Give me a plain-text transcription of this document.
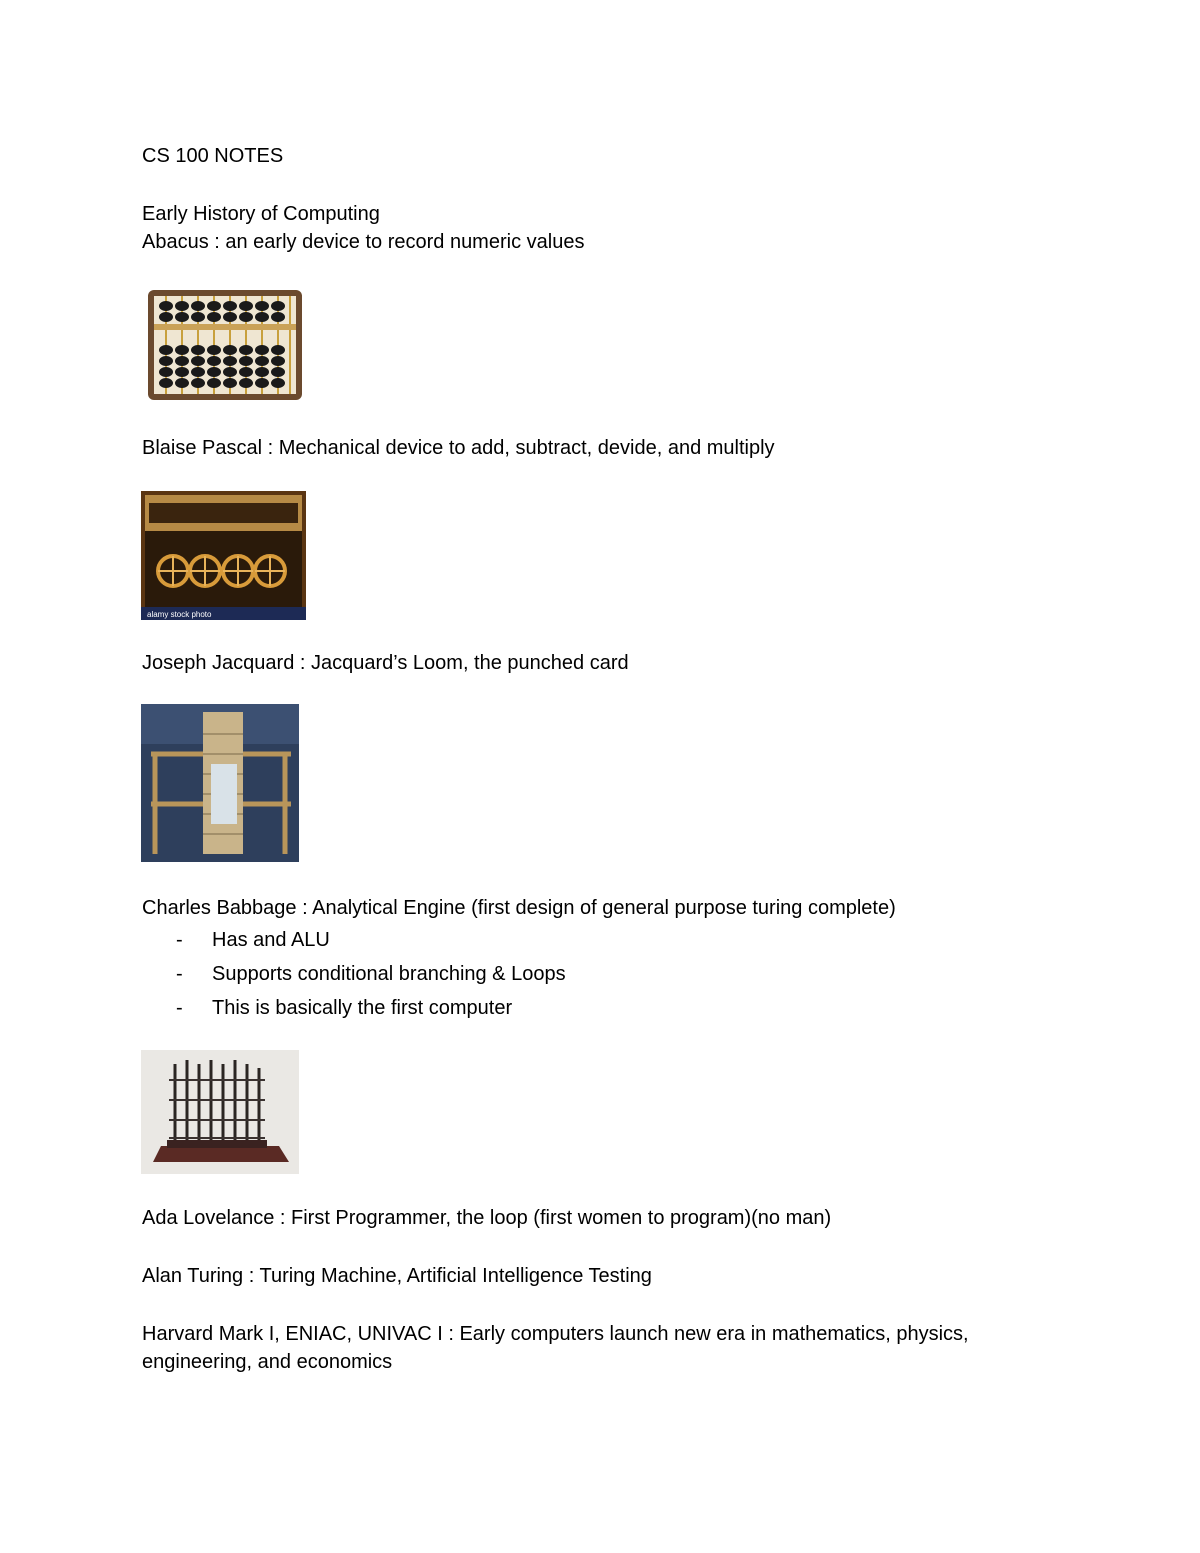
CS 100 NOTES
Early History of Computing
Abacus : an early device to record numeric values
Blaise Pascal : Mechanical device to add, subtract, devide, and multiply
alamy stock photo
Joseph Jacquard : Jacquard’s Loom, the punched card
Charles Babbage : Analytical Engine (first design of general purpose turing complete)
- Has and ALU
- Supports conditional branching & Loops
- This is basically the first computer
Ada Lovelance : First Programmer, the loop (first women to program)(no man)
Alan Turing : Turing Machine, Artificial Intelligence Testing
Harvard Mark I, ENIAC, UNIVAC I : Early computers launch new era in mathematics, physics,
engineering, and economics
